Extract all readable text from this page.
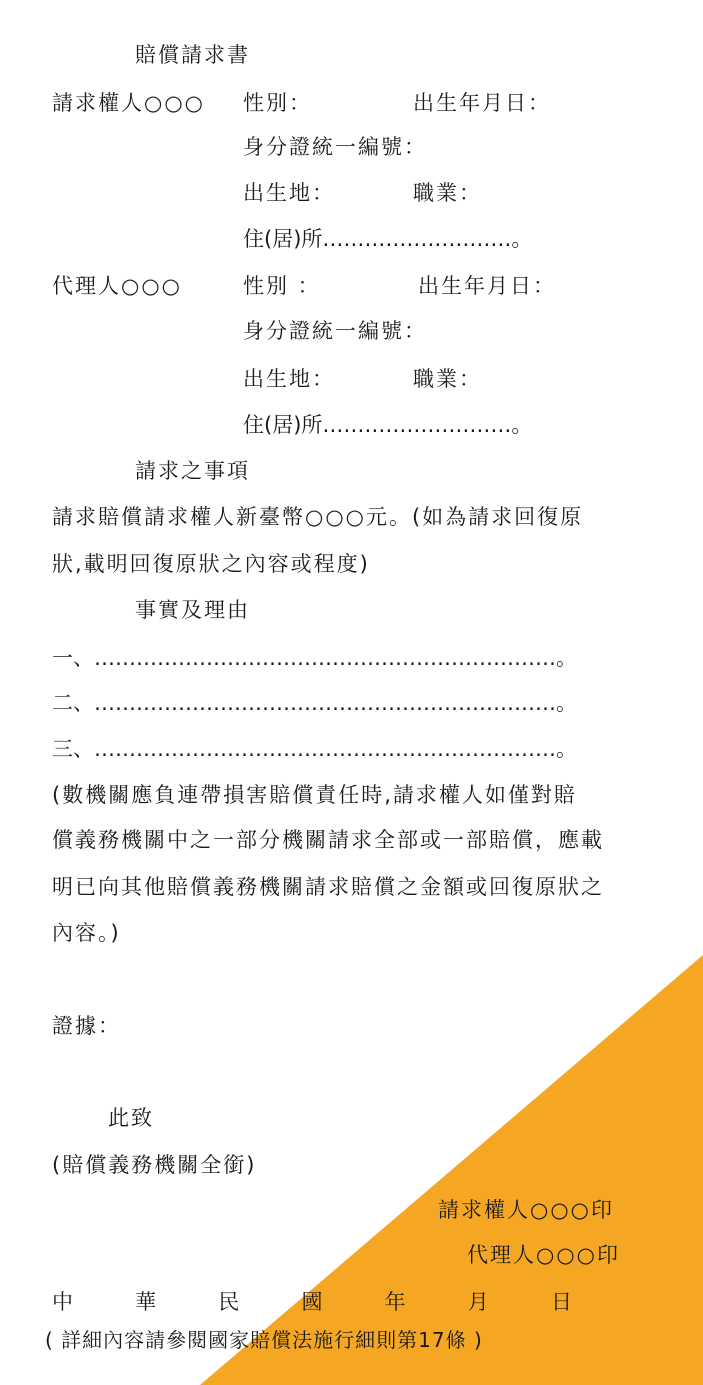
賠償請求書
請求權人○○○ 性別：	出生年月日：
身分證統一編號：
出生地：	職業：
住(居)所………………………。
代理人○○○	性別 ：	出生年月日：
身分證統一編號：
出生地：	職業：
住(居)所………………………。
請求之事項
請求賠償請求權人新臺幣○○○元。(如為請求回復原
狀,載明回復原狀之內容或程度)
事實及理由
一、…………………………………………………………。
二、…………………………………………………………。
三、…………………………………………………………。
(數機關應負連帶損害賠償責任時,請求權人如僅對賠
償義務機關中之一部分機關請求全部或一部賠償，應載
明已向其他賠償義務機關請求賠償之金額或回復原狀之
內容。)
證據：
此致
(賠償義務機關全銜)
請求權人○○○印
代理人○○○印
中	華	民	國	年	月	日
( 詳細內容請參閱國家賠償法施行細則第17條 )
